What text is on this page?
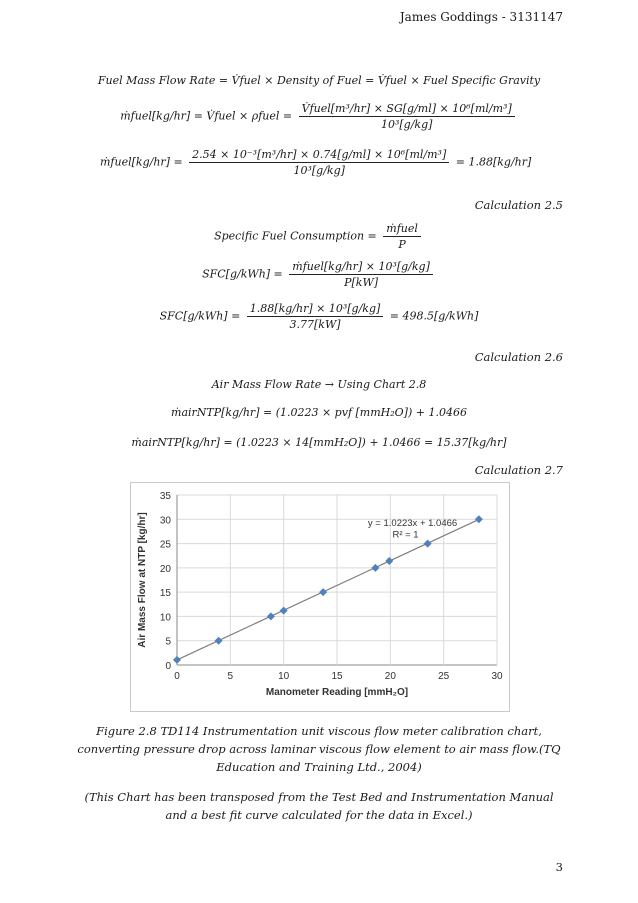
James Goddings - 3131147
Fuel Mass Flow Rate = V̇fuel × Density of Fuel = V̇fuel × Fuel Specific Gravity
ṁfuel[kg/hr] = V̇fuel × ρfuel = $\frac{\text{V̇fuel[m³/hr] × SG[g/ml] × 10⁶[ml/m³]}}{\text{10³[g/kg]}}$
ṁfuel[kg/hr] = $\frac{\text{2.54 × 10⁻³[m³/hr] × 0.74[g/ml] × 10⁶[ml/m³]}}{\text{10³[g/kg]}} = 1.88[kg/hr]$
Calculation 2.5
Specific Fuel Consumption = $\frac{\text{ṁfuel}}{P}$
$SFC[g/kWh] = \frac{\text{ṁfuel[kg/hr] × 10³[g/kg]}}{P[kW]}$
$SFC[g/kWh] = \frac{\text{1.88[kg/hr] × 10³[g/kg]}}{3.77[kW]} = 498.5[g/kWh]$
Calculation 2.6
Air Mass Flow Rate → Using Chart 2.8
ṁairNTP[kg/hr] = (1.0223 × pvf [mmH₂O]) + 1.0466
ṁairNTP[kg/hr] = (1.0223 × 14[mmH₂O]) + 1.0466 = 15.37[kg/hr]
Calculation 2.7
0
5
10
15
20
25
30
35
0	5	10	15	20	25	30
y = 1.0223x + 1.0466
R² = 1
Manometer Reading [mmH₂O]
Air Mass Flow at NTP [kg/hr]
Figure 2.8 TD114 Instrumentation unit viscous flow meter calibration chart, converting pressure drop across laminar viscous flow element to air mass flow.(TQ Education and Training Ltd., 2004)
(This Chart has been transposed from the Test Bed and Instrumentation Manual and a best fit curve calculated for the data in Excel.)
3
